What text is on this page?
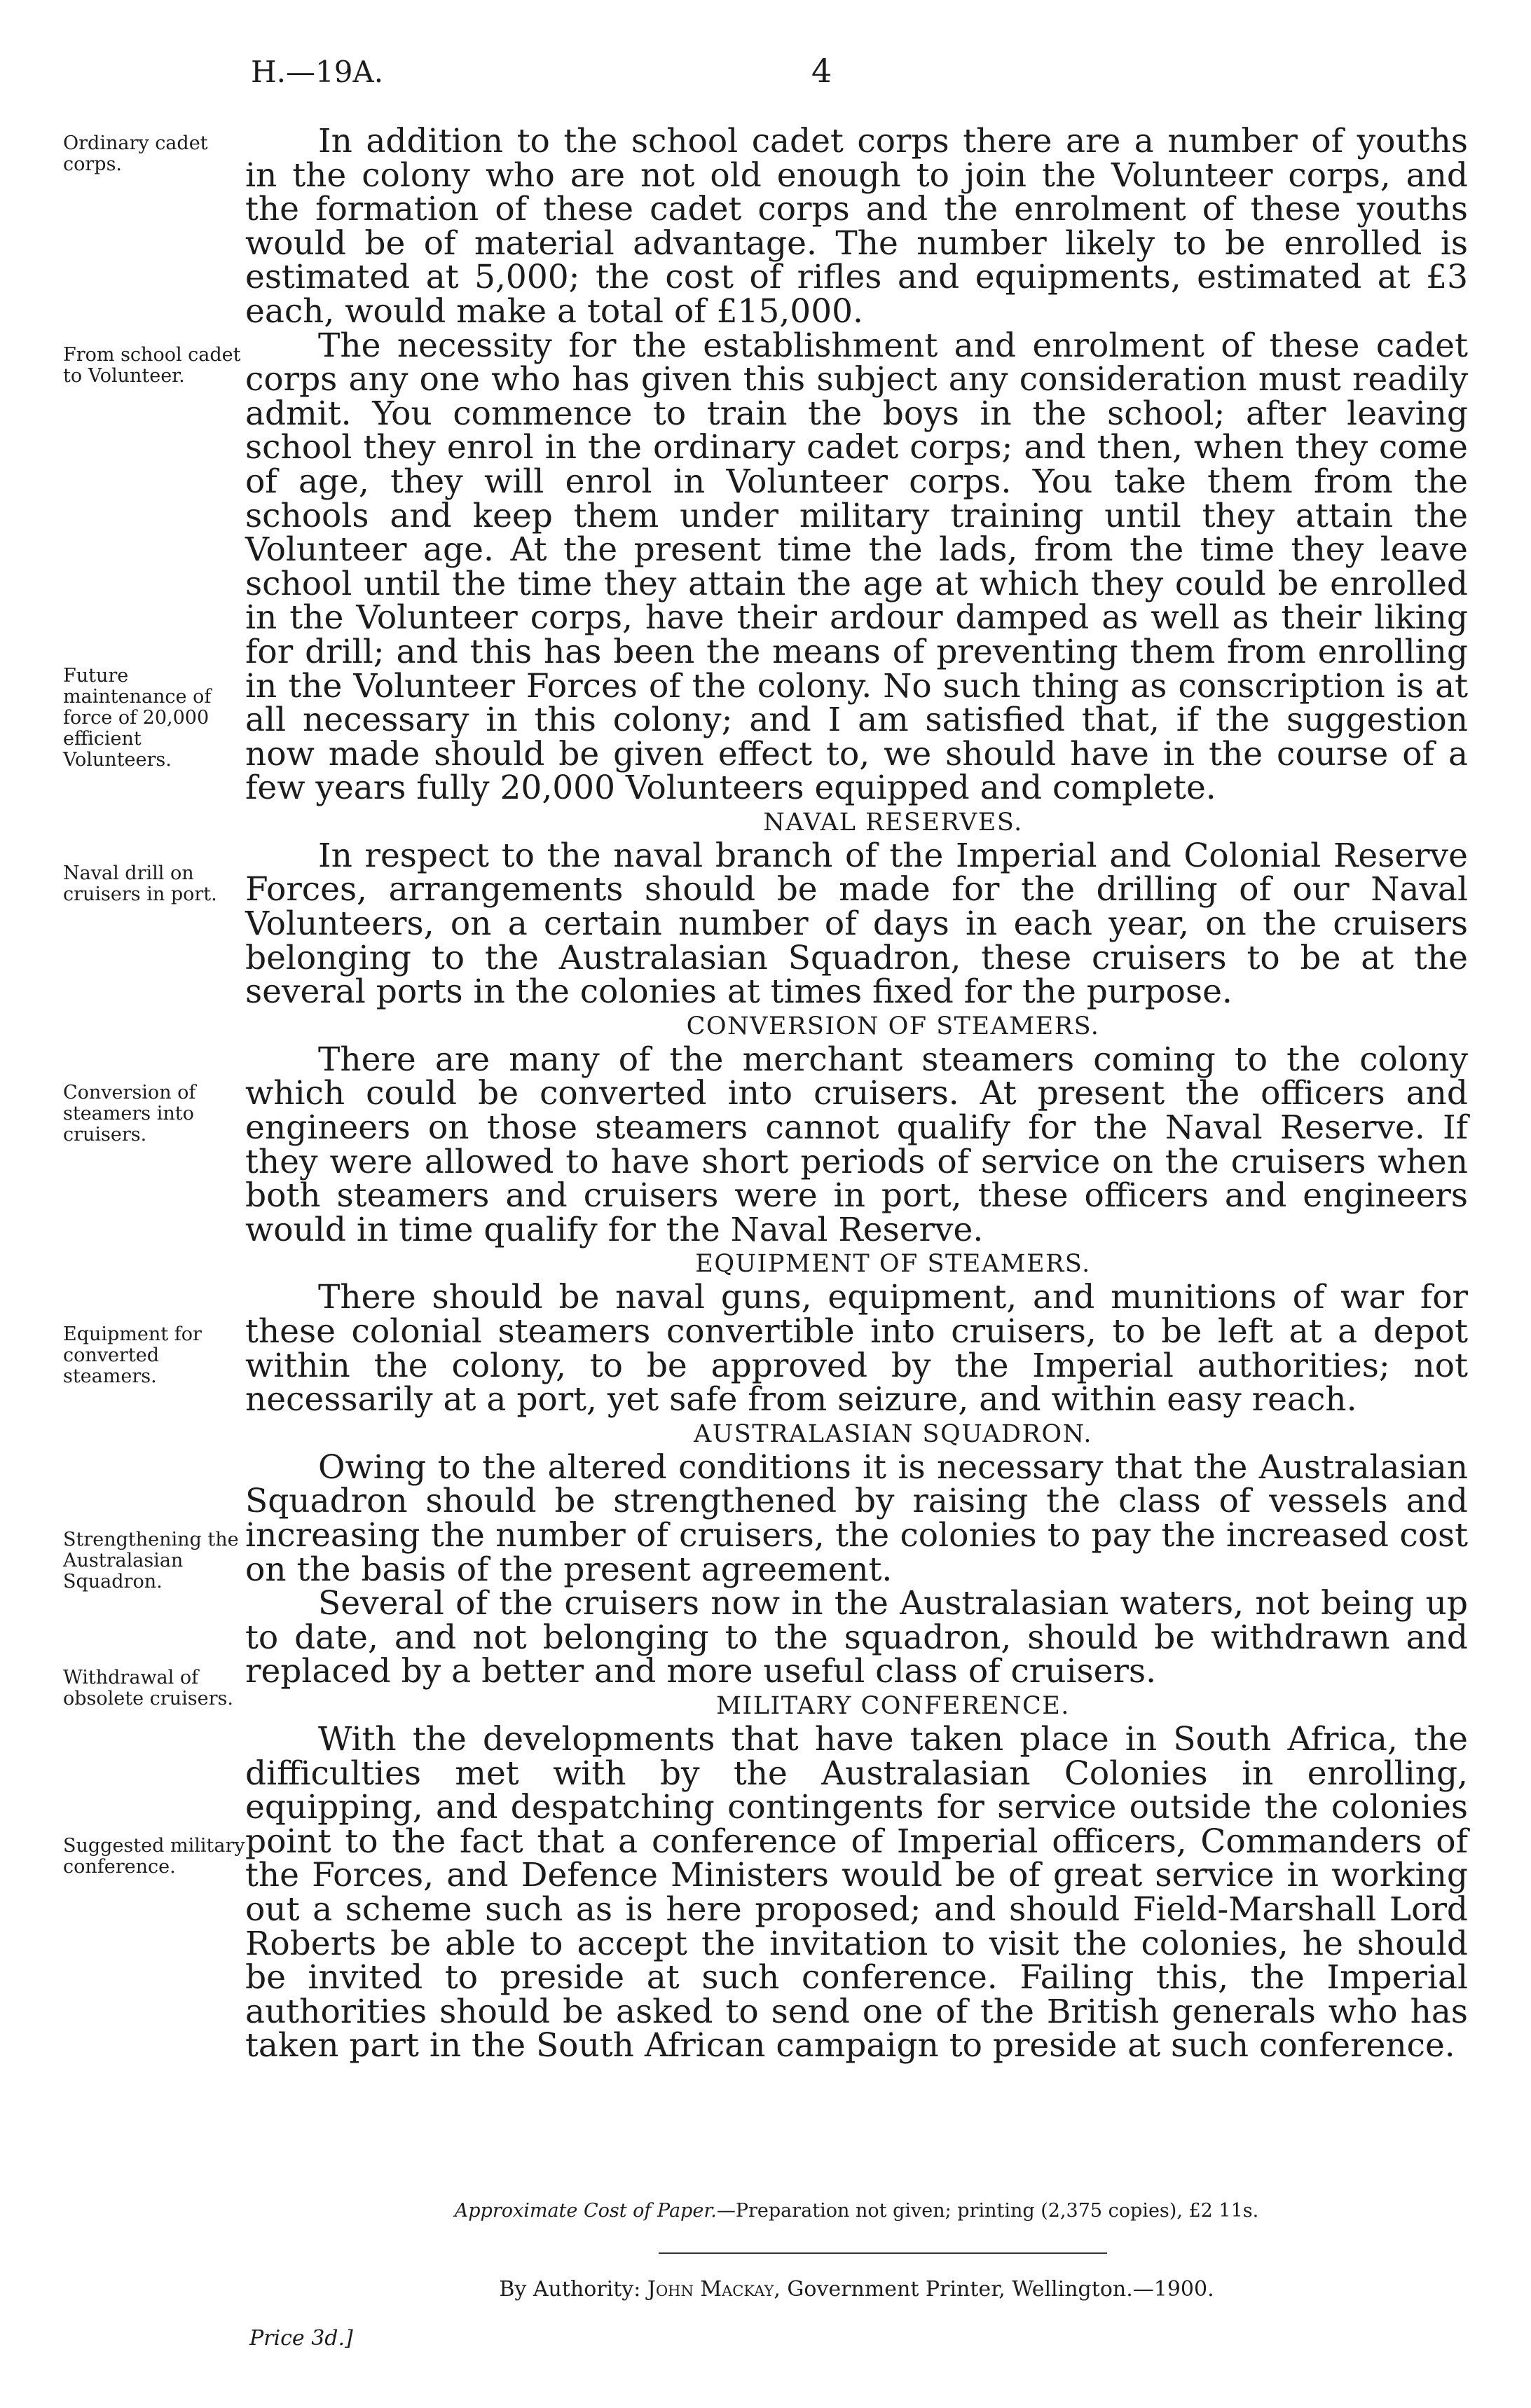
H.—19A.	4
Ordinary cadet corps.
From school cadet to Volunteer.
Future maintenance of force of 20,000 efficient Volunteers.
Naval drill on cruisers in port.
Conversion of steamers into cruisers.
Equipment for converted steamers.
Strengthening the Australasian Squadron.
Withdrawal of obsolete cruisers.
Suggested military conference.

In addition to the school cadet corps there are a number of youths in the colony who are not old enough to join the Volunteer corps, and the formation of these cadet corps and the enrolment of these youths would be of material advantage. The number likely to be enrolled is estimated at 5,000; the cost of rifles and equipments, estimated at £3 each, would make a total of £15,000.

The necessity for the establishment and enrolment of these cadet corps any one who has given this subject any consideration must readily admit. You commence to train the boys in the school; after leaving school they enrol in the ordinary cadet corps; and then, when they come of age, they will enrol in Volunteer corps. You take them from the schools and keep them under military training until they attain the Volunteer age. At the present time the lads, from the time they leave school until the time they attain the age at which they could be enrolled in the Volunteer corps, have their ardour damped as well as their liking for drill; and this has been the means of preventing them from enrolling in the Volunteer Forces of the colony. No such thing as conscription is at all necessary in this colony; and I am satisfied that, if the suggestion now made should be given effect to, we should have in the course of a few years fully 20,000 Volunteers equipped and complete.

NAVAL RESERVES.

In respect to the naval branch of the Imperial and Colonial Reserve Forces, arrangements should be made for the drilling of our Naval Volunteers, on a certain number of days in each year, on the cruisers belonging to the Australasian Squadron, these cruisers to be at the several ports in the colonies at times fixed for the purpose.

CONVERSION OF STEAMERS.

There are many of the merchant steamers coming to the colony which could be converted into cruisers. At present the officers and engineers on those steamers cannot qualify for the Naval Reserve. If they were allowed to have short periods of service on the cruisers when both steamers and cruisers were in port, these officers and engineers would in time qualify for the Naval Reserve.

EQUIPMENT OF STEAMERS.

There should be naval guns, equipment, and munitions of war for these colonial steamers convertible into cruisers, to be left at a depot within the colony, to be approved by the Imperial authorities; not necessarily at a port, yet safe from seizure, and within easy reach.

AUSTRALASIAN SQUADRON.

Owing to the altered conditions it is necessary that the Australasian Squadron should be strengthened by raising the class of vessels and increasing the number of cruisers, the colonies to pay the increased cost on the basis of the present agreement.

Several of the cruisers now in the Australasian waters, not being up to date, and not belonging to the squadron, should be withdrawn and replaced by a better and more useful class of cruisers.

MILITARY CONFERENCE.

With the developments that have taken place in South Africa, the difficulties met with by the Australasian Colonies in enrolling, equipping, and despatching contingents for service outside the colonies point to the fact that a conference of Imperial officers, Commanders of the Forces, and Defence Ministers would be of great service in working out a scheme such as is here proposed; and should Field-Marshall Lord Roberts be able to accept the invitation to visit the colonies, he should be invited to preside at such conference. Failing this, the Imperial authorities should be asked to send one of the British generals who has taken part in the South African campaign to preside at such conference.

Approximate Cost of Paper.—Preparation not given; printing (2,375 copies), £2 11s.
By Authority: John Mackay, Government Printer, Wellington.—1900.
Price 3d.]
